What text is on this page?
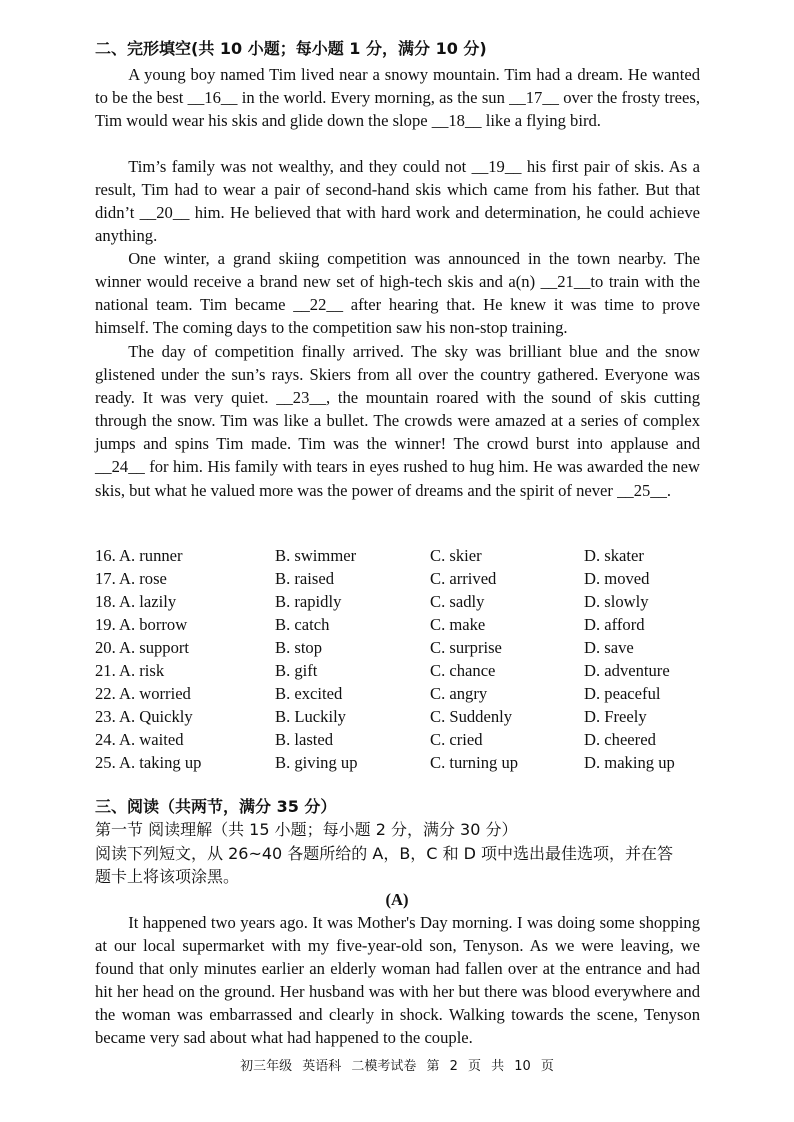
二、完形填空(共 10 小题；每小题 1 分，满分 10 分)

A young boy named Tim lived near a snowy mountain. Tim had a dream. He wanted to be the best __16__ in the world. Every morning, as the sun __17__ over the frosty trees, Tim would wear his skis and glide down the slope __18__ like a flying bird.

Tim’s family was not wealthy, and they could not __19__ his first pair of skis. As a result, Tim had to wear a pair of second-hand skis which came from his father. But that didn’t __20__ him. He believed that with hard work and determination, he could achieve anything.

One winter, a grand skiing competition was announced in the town nearby. The winner would receive a brand new set of high-tech skis and a(n) __21__to train with the national team. Tim became __22__ after hearing that. He knew it was time to prove himself. The coming days to the competition saw his non-stop training.

The day of competition finally arrived. The sky was brilliant blue and the snow glistened under the sun’s rays. Skiers from all over the country gathered. Everyone was ready. It was very quiet. __23__, the mountain roared with the sound of skis cutting through the snow. Tim was like a bullet. The crowds were amazed at a series of complex jumps and spins Tim made. Tim was the winner! The crowd burst into applause and __24__ for him. His family with tears in eyes rushed to hug him. He was awarded the new skis, but what he valued more was the power of dreams and the spirit of never __25__.

16. A. runner	B. swimmer	C. skier	D. skater
17. A. rose	B. raised	C. arrived	D. moved
18. A. lazily	B. rapidly	C. sadly	D. slowly
19. A. borrow	B. catch	C. make	D. afford
20. A. support	B. stop	C. surprise	D. save
21. A. risk	B. gift	C. chance	D. adventure
22. A. worried	B. excited	C. angry	D. peaceful
23. A. Quickly	B. Luckily	C. Suddenly	D. Freely
24. A. waited	B. lasted	C. cried	D. cheered
25. A. taking up	B. giving up	C. turning up	D. making up
三、阅读（共两节，满分 35 分）
第一节 阅读理解（共 15 小题；每小题 2 分，满分 30 分）
阅读下列短文，从 26~40 各题所给的 A，B，C 和 D 项中选出最佳选项，并在答
题卡上将该项涂黑。
(A)

It happened two years ago. It was Mother's Day morning. I was doing some shopping at our local supermarket with my five-year-old son, Tenyson. As we were leaving, we found that only minutes earlier an elderly woman had fallen over at the entrance and had hit her head on the ground. Her husband was with her but there was blood everywhere and the woman was embarrassed and clearly in shock. Walking towards the scene, Tenyson became very sad about what had happened to the couple.

初三年级 英语科 二模考试卷 第 2 页 共 10 页
